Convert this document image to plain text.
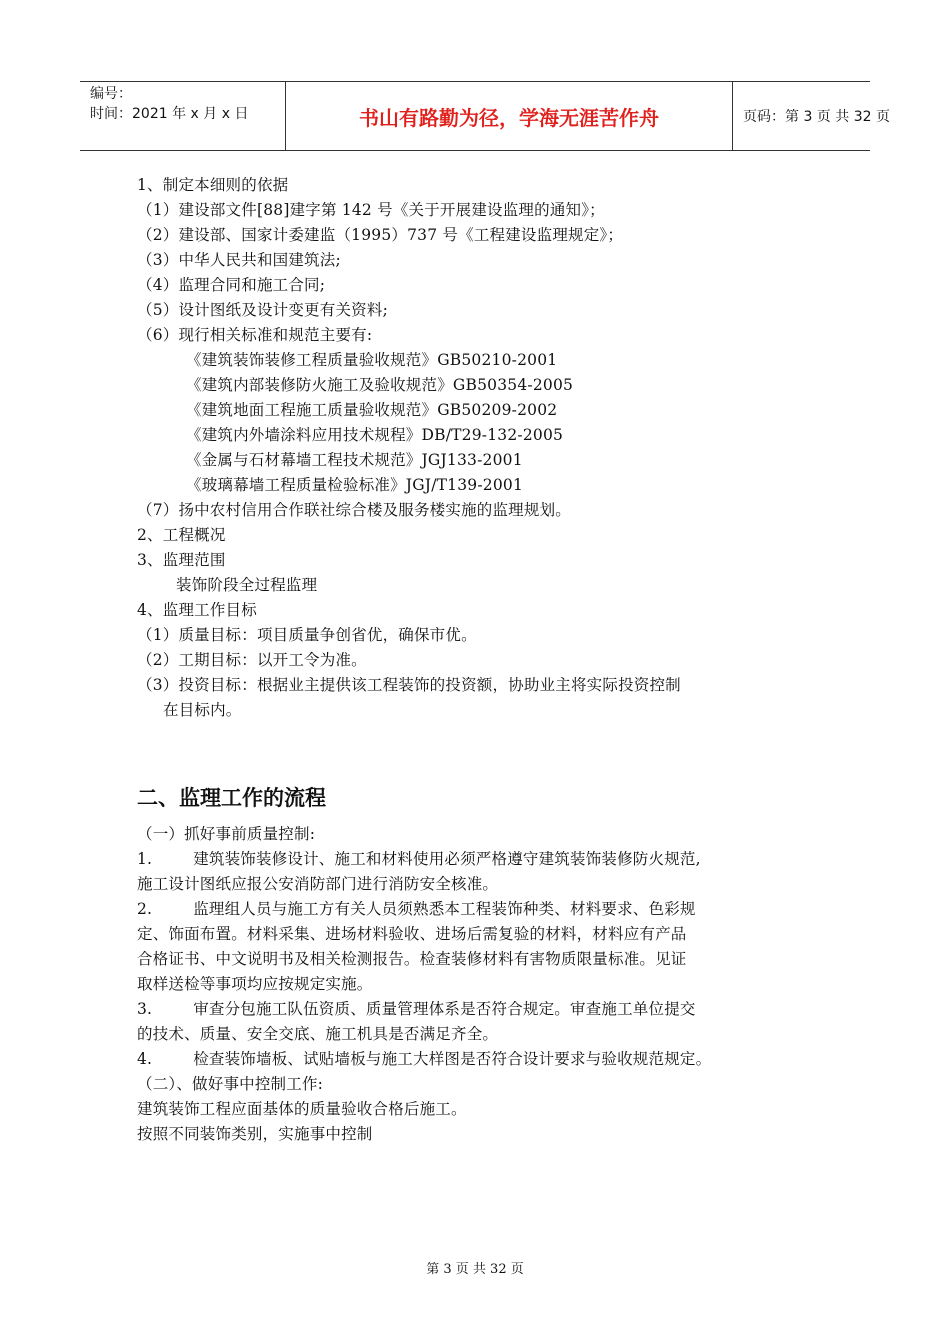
编号：
时间：2021 年 x 月 x 日	书山有路勤为径，学海无涯苦作舟	页码：第 3 页 共 32 页
1、制定本细则的依据
（1）建设部文件[88]建字第 142 号《关于开展建设监理的通知》；
（2）建设部、国家计委建监（1995）737 号《工程建设监理规定》；
（3）中华人民共和国建筑法;
（4）监理合同和施工合同;
（5）设计图纸及设计变更有关资料;
（6）现行相关标准和规范主要有:
《建筑装饰装修工程质量验收规范》GB50210-2001
《建筑内部装修防火施工及验收规范》GB50354-2005
《建筑地面工程施工质量验收规范》GB50209-2002
《建筑内外墙涂料应用技术规程》DB/T29-132-2005
《金属与石材幕墙工程技术规范》JGJ133-2001
《玻璃幕墙工程质量检验标准》JGJ/T139-2001
（7）扬中农村信用合作联社综合楼及服务楼实施的监理规划。
2、工程概况
3、监理范围
装饰阶段全过程监理
4、监理工作目标
（1）质量目标：项目质量争创省优，确保市优。
（2）工期目标：以开工令为准。
（3）投资目标：根据业主提供该工程装饰的投资额，协助业主将实际投资控制
在目标内。
二、监理工作的流程
（一）抓好事前质量控制:
1.        建筑装饰装修设计、施工和材料使用必须严格遵守建筑装饰装修防火规范,
施工设计图纸应报公安消防部门进行消防安全核准。
2.        监理组人员与施工方有关人员须熟悉本工程装饰种类、材料要求、色彩规
定、饰面布置。材料采集、进场材料验收、进场后需复验的材料，材料应有产品
合格证书、中文说明书及相关检测报告。检查装修材料有害物质限量标准。见证
取样送检等事项均应按规定实施。
3.        审查分包施工队伍资质、质量管理体系是否符合规定。审查施工单位提交
的技术、质量、安全交底、施工机具是否满足齐全。
4.        检查装饰墙板、试贴墙板与施工大样图是否符合设计要求与验收规范规定。
（二）、做好事中控制工作:
建筑装饰工程应面基体的质量验收合格后施工。
按照不同装饰类别，实施事中控制
第 3 页 共 32 页
